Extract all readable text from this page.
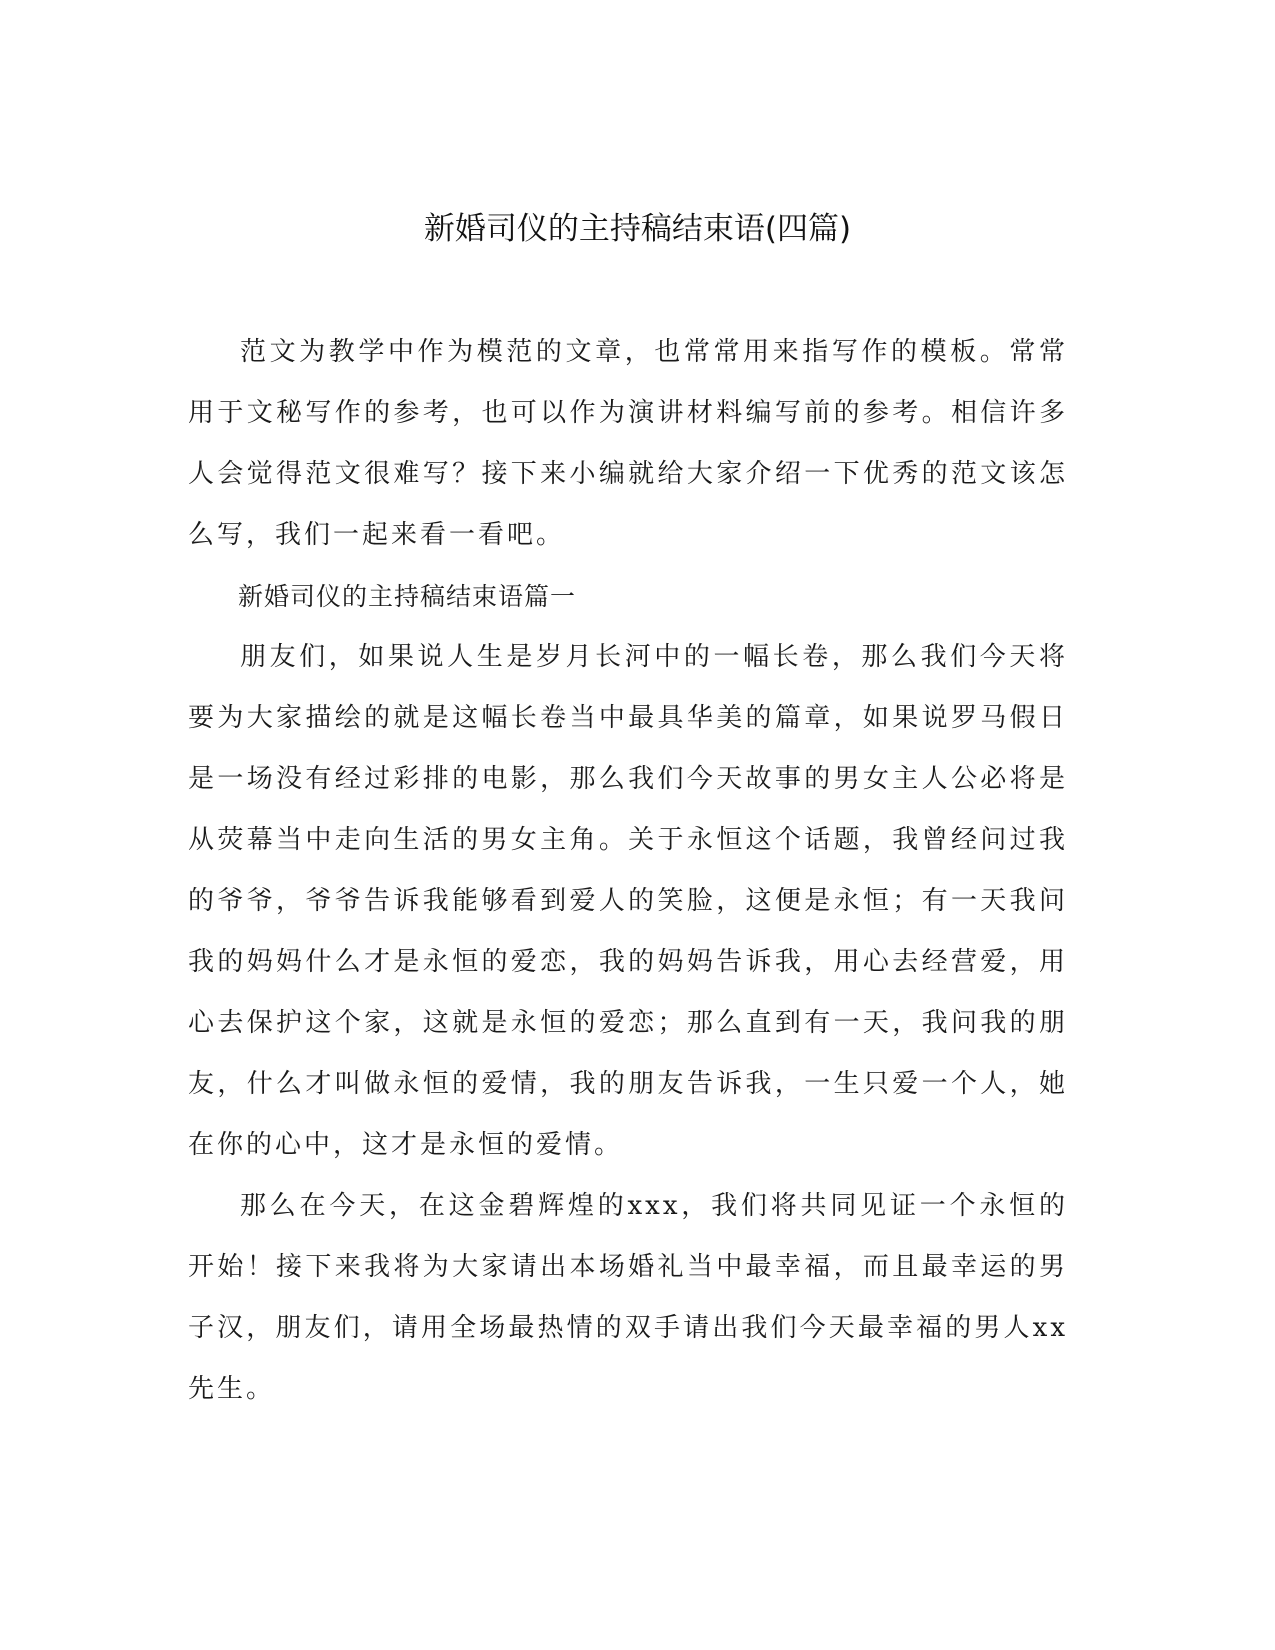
新婚司仪的主持稿结束语(四篇)

范文为教学中作为模范的文章，也常常用来指写作的模板。常常用于文秘写作的参考，也可以作为演讲材料编写前的参考。相信许多人会觉得范文很难写？接下来小编就给大家介绍一下优秀的范文该怎么写，我们一起来看一看吧。

新婚司仪的主持稿结束语篇一

朋友们，如果说人生是岁月长河中的一幅长卷，那么我们今天将要为大家描绘的就是这幅长卷当中最具华美的篇章，如果说罗马假日是一场没有经过彩排的电影，那么我们今天故事的男女主人公必将是从荧幕当中走向生活的男女主角。关于永恒这个话题，我曾经问过我的爷爷，爷爷告诉我能够看到爱人的笑脸，这便是永恒；有一天我问我的妈妈什么才是永恒的爱恋，我的妈妈告诉我，用心去经营爱，用心去保护这个家，这就是永恒的爱恋；那么直到有一天，我问我的朋友，什么才叫做永恒的爱情，我的朋友告诉我，一生只爱一个人，她在你的心中，这才是永恒的爱情。

那么在今天，在这金碧辉煌的xxx，我们将共同见证一个永恒的开始！接下来我将为大家请出本场婚礼当中最幸福，而且最幸运的男子汉，朋友们，请用全场最热情的双手请出我们今天最幸福的男人xx先生。
